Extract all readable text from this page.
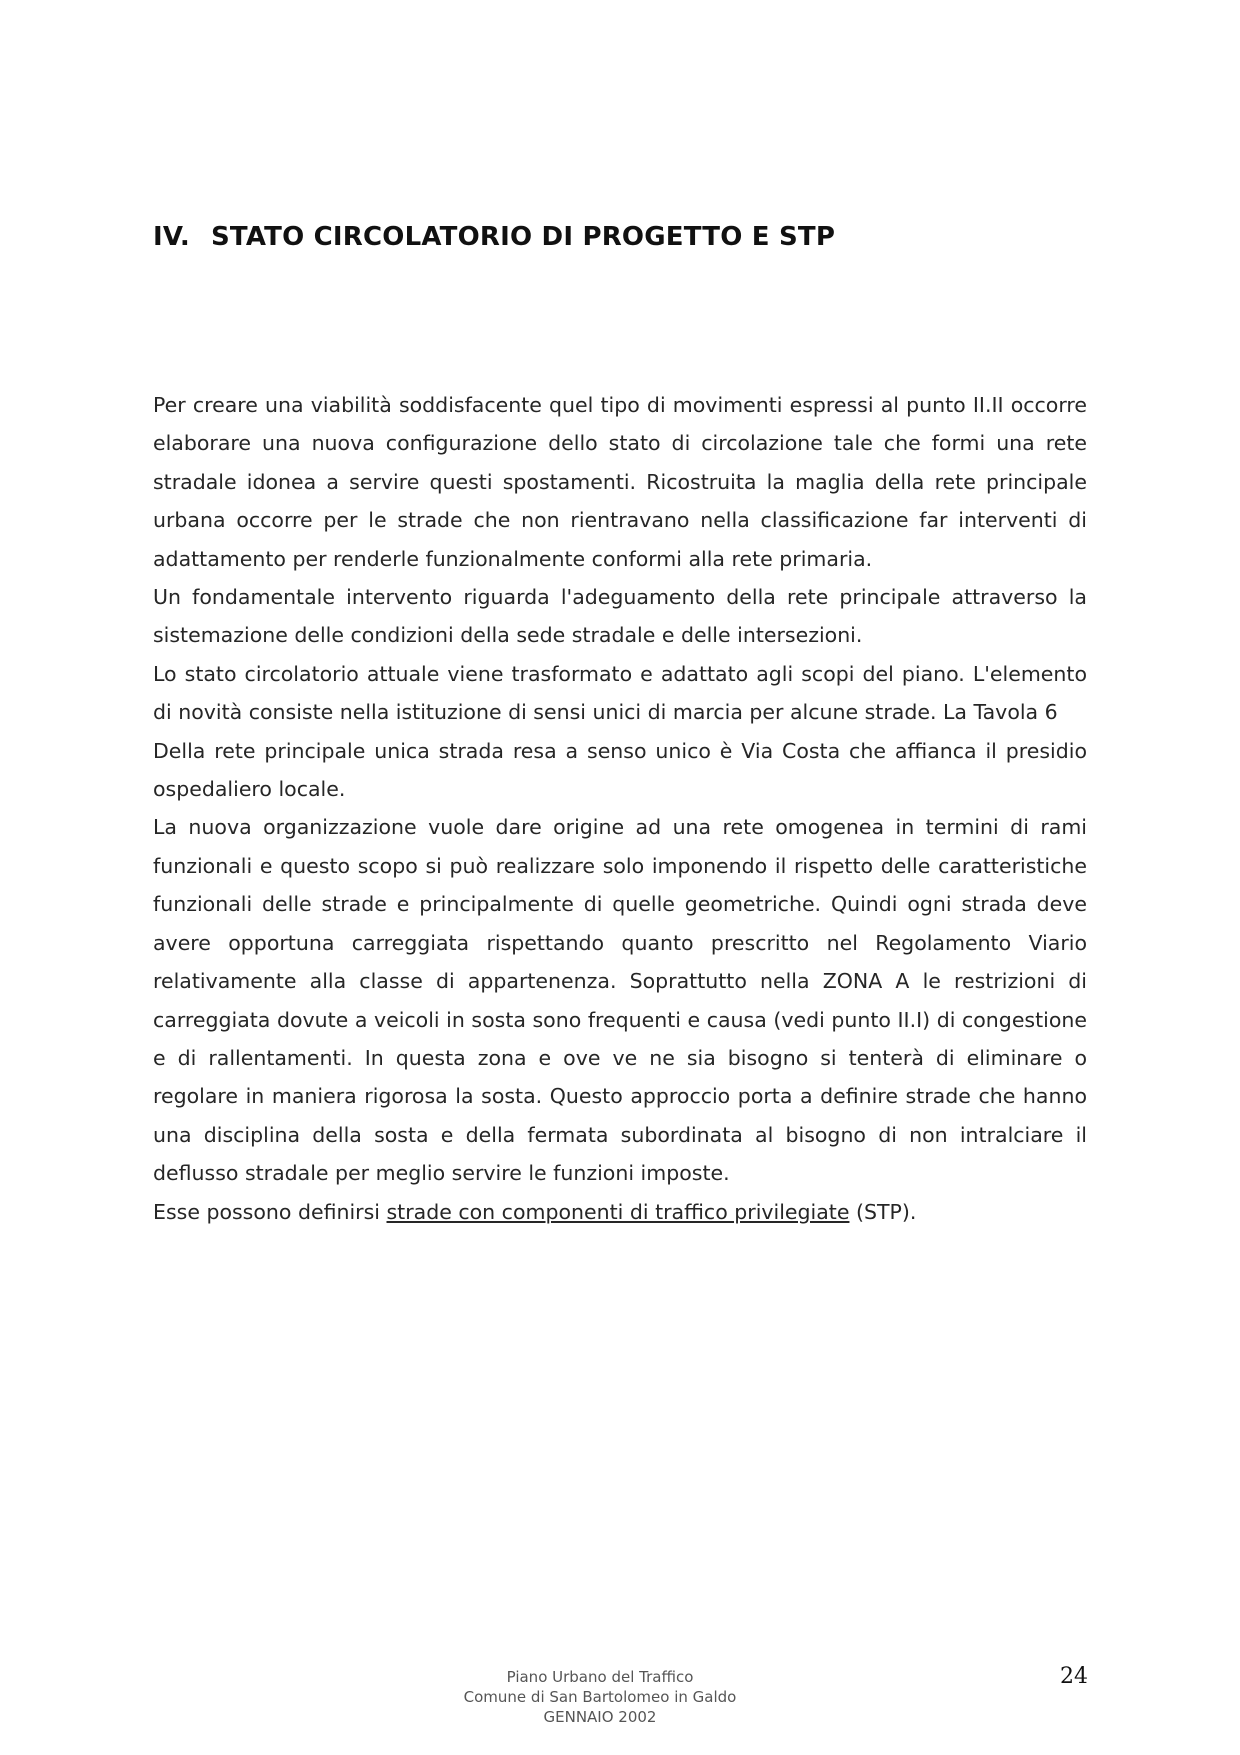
IV. STATO CIRCOLATORIO DI PROGETTO E STP

Per creare una viabilità soddisfacente quel tipo di movimenti espressi al punto II.II occorre elaborare una nuova configurazione dello stato di circolazione tale che formi una rete stradale idonea a servire questi spostamenti. Ricostruita la maglia della rete principale urbana occorre per le strade che non rientravano nella classificazione far interventi di adattamento per renderle funzionalmente conformi alla rete primaria.

Un fondamentale intervento riguarda l'adeguamento della rete principale attraverso la sistemazione delle condizioni della sede stradale e delle intersezioni.

Lo stato circolatorio attuale viene trasformato e adattato agli scopi del piano. L'elemento di novità consiste nella istituzione di sensi unici di marcia per alcune strade. La Tavola 6

Della rete principale unica strada resa a senso unico è Via Costa che affianca il presidio ospedaliero locale.

La nuova organizzazione vuole dare origine ad una rete omogenea in termini di rami funzionali e questo scopo si può realizzare solo imponendo il rispetto delle caratteristiche funzionali delle strade e principalmente di quelle geometriche. Quindi ogni strada deve avere opportuna carreggiata rispettando quanto prescritto nel Regolamento Viario relativamente alla classe di appartenenza. Soprattutto nella ZONA A le restrizioni di carreggiata dovute a veicoli in sosta sono frequenti e causa (vedi punto II.I) di congestione e di rallentamenti. In questa zona e ove ve ne sia bisogno si tenterà di eliminare o regolare in maniera rigorosa la sosta. Questo approccio porta a definire strade che hanno una disciplina della sosta e della fermata subordinata al bisogno di non intralciare il deflusso stradale per meglio servire le funzioni imposte.

Esse possono definirsi strade con componenti di traffico privilegiate (STP).

Piano Urbano del Traffico
Comune di San Bartolomeo in Galdo
GENNAIO 2002
24
